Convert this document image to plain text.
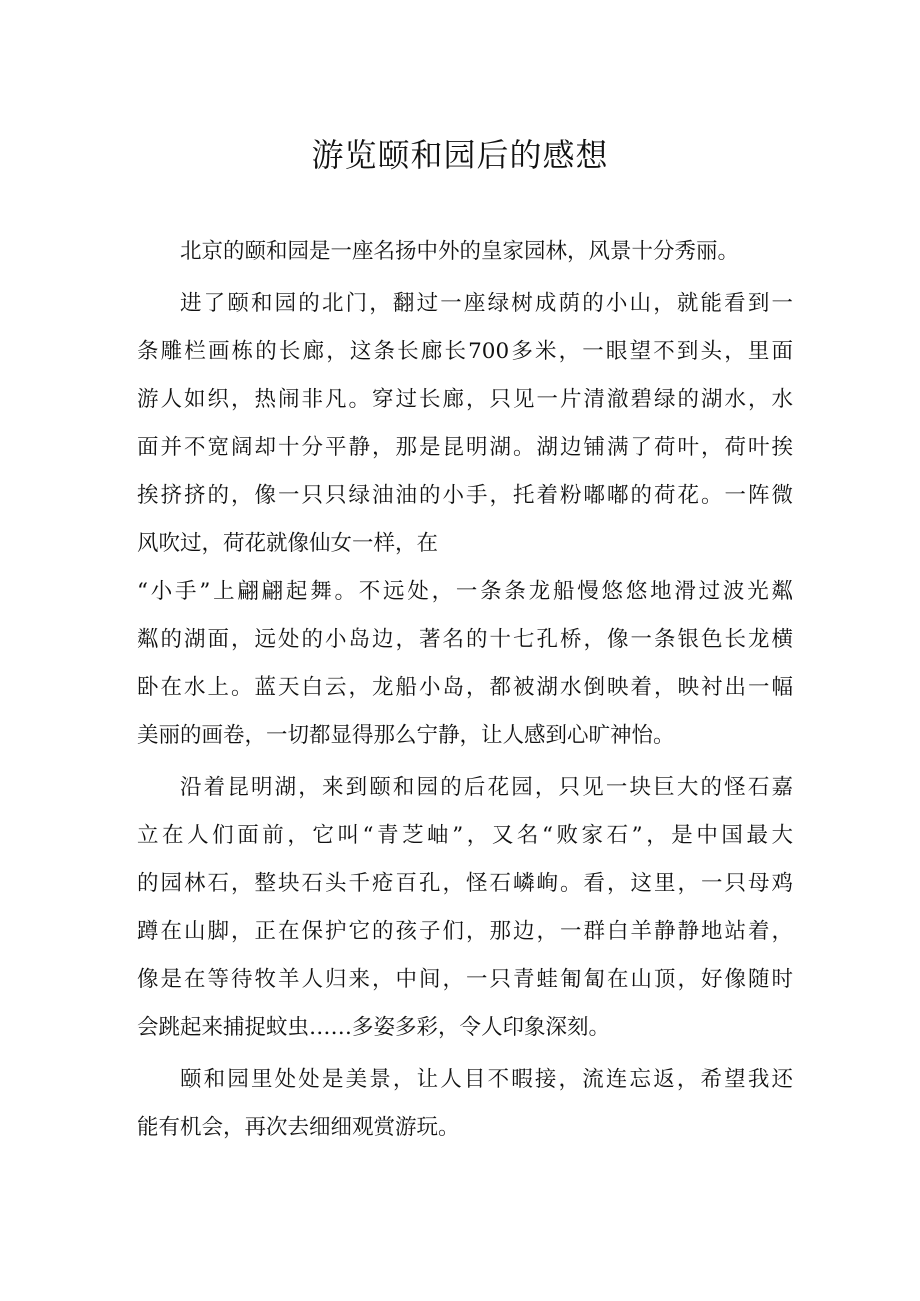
游览颐和园后的感想
北京的颐和园是一座名扬中外的皇家园林，风景十分秀丽。
进了颐和园的北门，翻过一座绿树成荫的小山，就能看到一
条雕栏画栋的长廊，这条长廊长700多米，一眼望不到头，里面
游人如织，热闹非凡。穿过长廊，只见一片清澈碧绿的湖水，水
面并不宽阔却十分平静，那是昆明湖。湖边铺满了荷叶，荷叶挨
挨挤挤的，像一只只绿油油的小手，托着粉嘟嘟的荷花。一阵微
风吹过，荷花就像仙女一样，在
“小手”上翩翩起舞。不远处，一条条龙船慢悠悠地滑过波光粼
粼的湖面，远处的小岛边，著名的十七孔桥，像一条银色长龙横
卧在水上。蓝天白云，龙船小岛，都被湖水倒映着，映衬出一幅
美丽的画卷，一切都显得那么宁静，让人感到心旷神怡。
沿着昆明湖，来到颐和园的后花园，只见一块巨大的怪石嘉
立在人们面前，它叫“青芝岫”，又名“败家石”，是中国最大
的园林石，整块石头千疮百孔，怪石嶙峋。看，这里，一只母鸡
蹲在山脚，正在保护它的孩子们，那边，一群白羊静静地站着，
像是在等待牧羊人归来，中间，一只青蛙匍匐在山顶，好像随时
会跳起来捕捉蚊虫……多姿多彩，令人印象深刻。
颐和园里处处是美景，让人目不暇接，流连忘返，希望我还
能有机会，再次去细细观赏游玩。
